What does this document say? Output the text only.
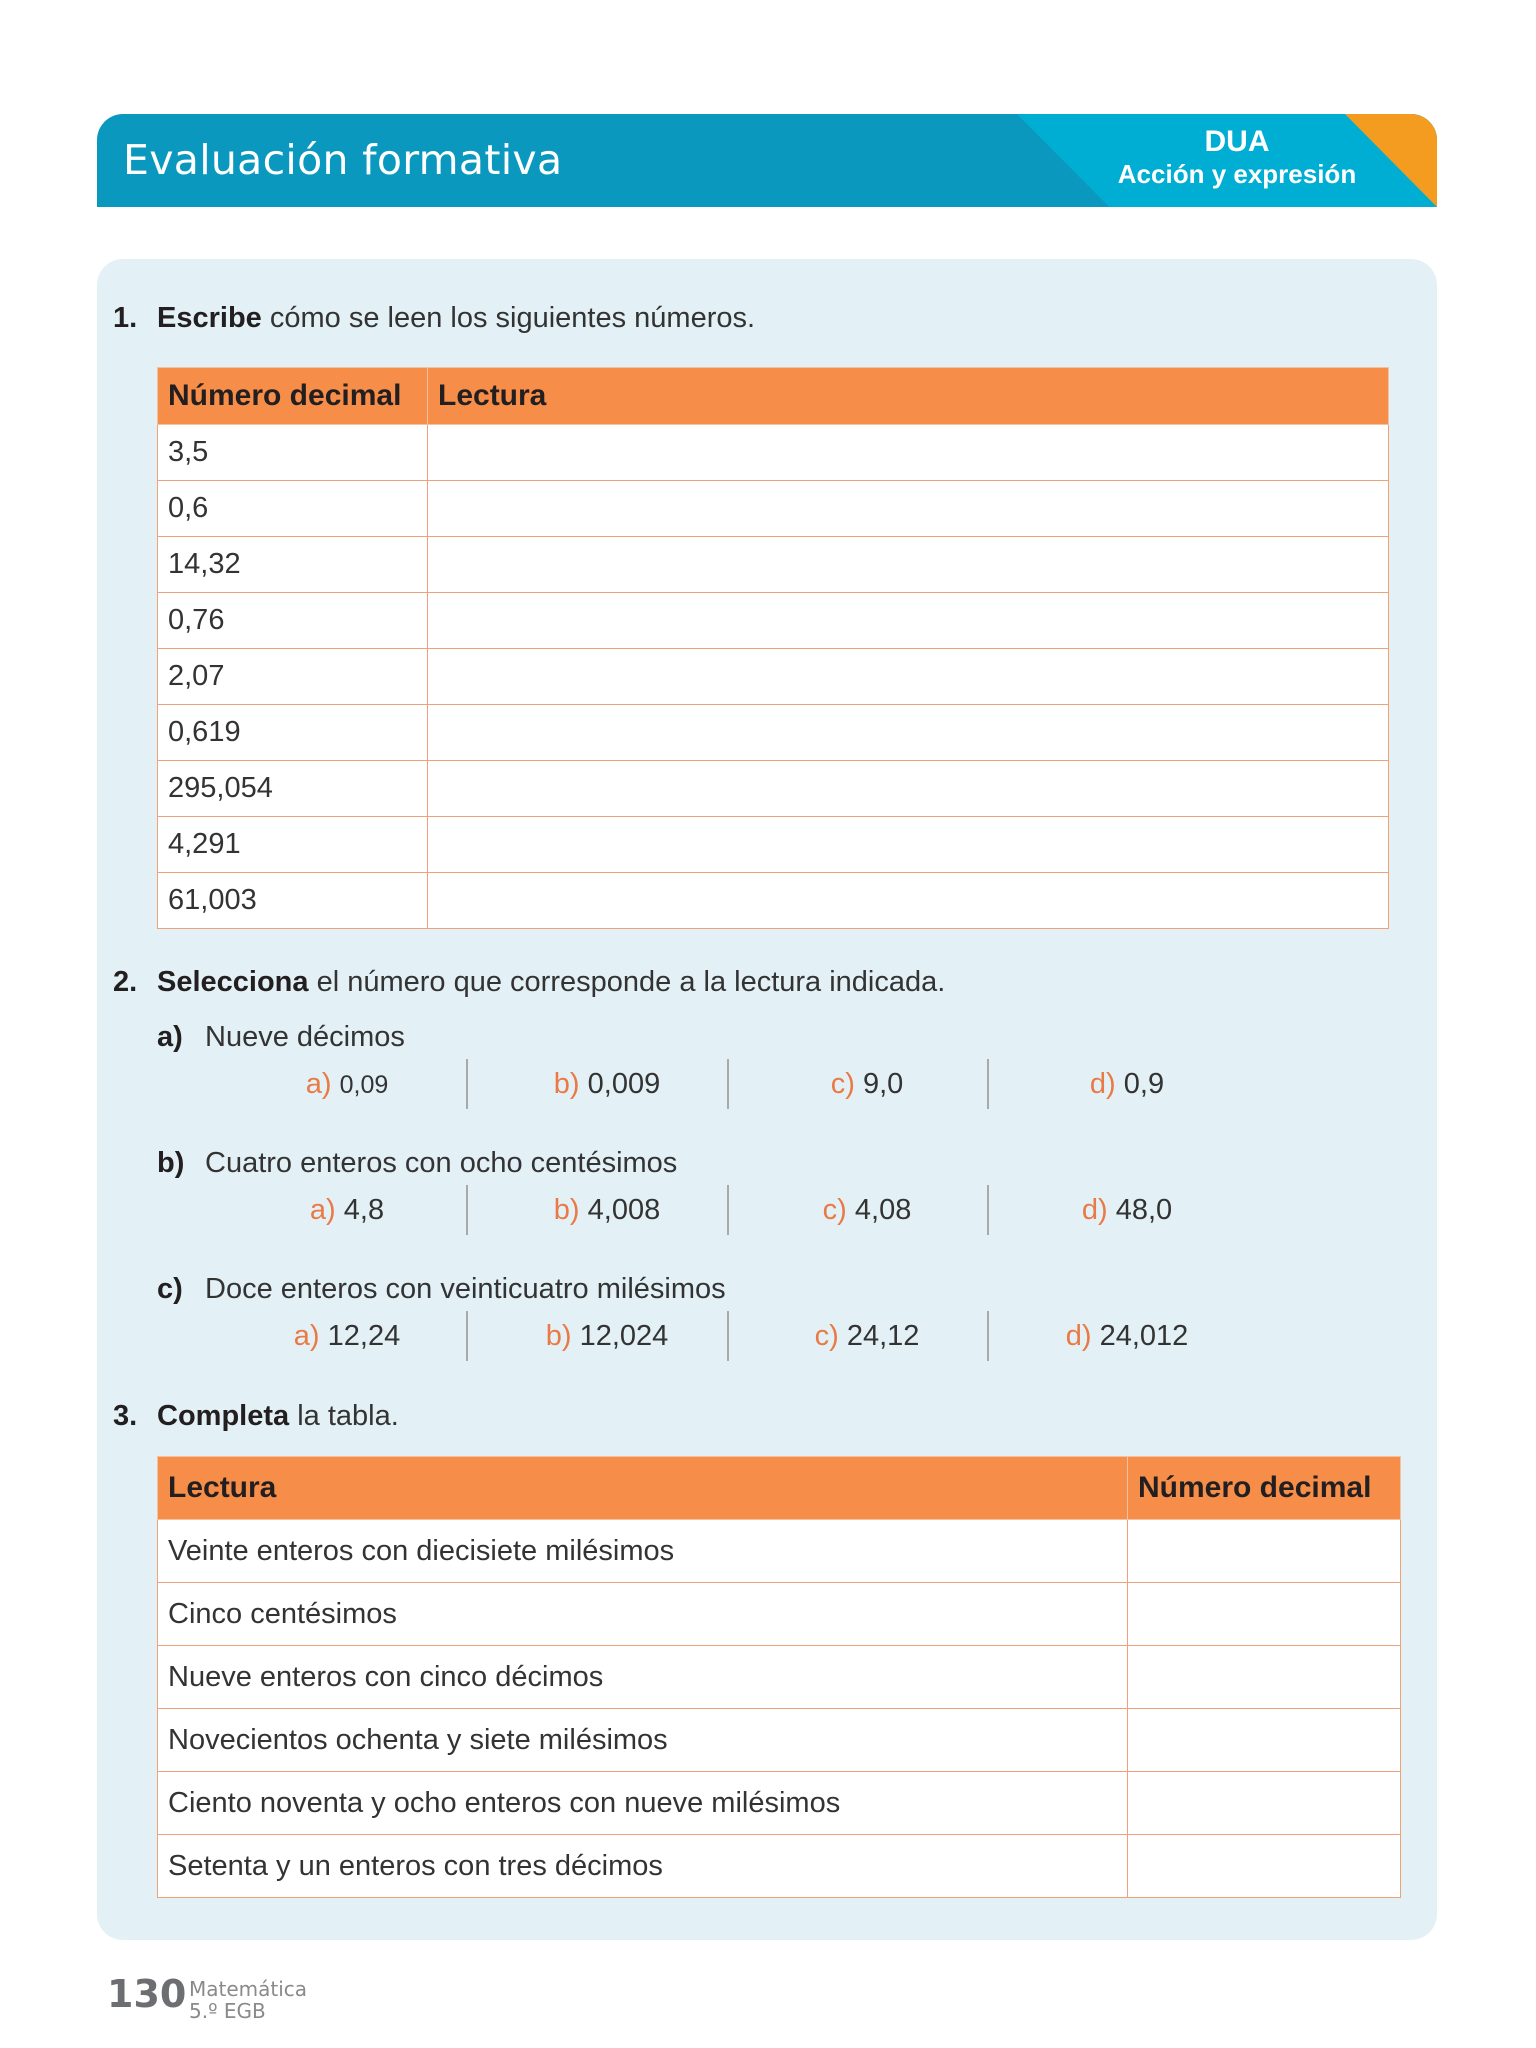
Evaluación formativa	DUA
Acción y expresión
1. Escribe cómo se leen los siguientes números.
Número decimal	Lectura
3,5	
0,6	
14,32	
0,76	
2,07	
0,619	
295,054	
4,291	
61,003	
2. Selecciona el número que corresponde a la lectura indicada.
a) Nueve décimos
a) 0,09	b) 0,009	c) 9,0	d) 0,9
b) Cuatro enteros con ocho centésimos
a) 4,8	b) 4,008	c) 4,08	d) 48,0
c) Doce enteros con veinticuatro milésimos
a) 12,24	b) 12,024	c) 24,12	d) 24,012
3. Completa la tabla.
Lectura	Número decimal
Veinte enteros con diecisiete milésimos	
Cinco centésimos	
Nueve enteros con cinco décimos	
Novecientos ochenta y siete milésimos	
Ciento noventa y ocho enteros con nueve milésimos	
Setenta y un enteros con tres décimos	
130 Matemática
5.º EGB
